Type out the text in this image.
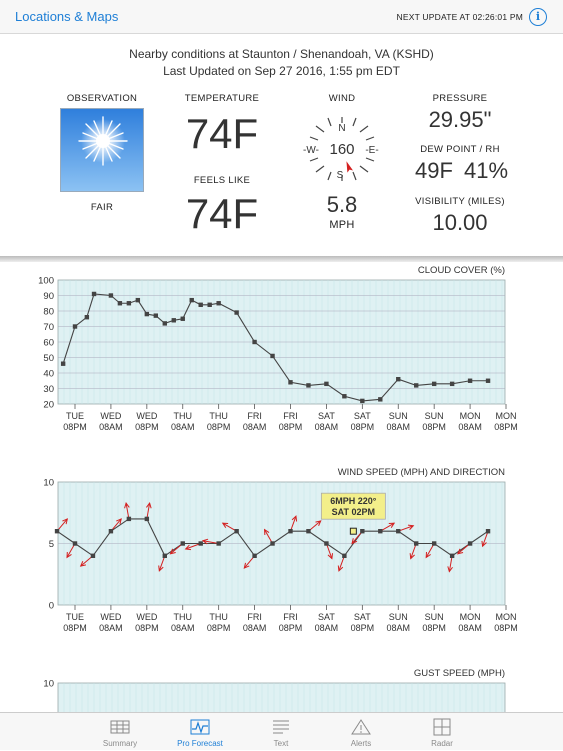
Locations & Maps	NEXT UPDATE AT 02:26:01 PM	i
Nearby conditions at Staunton / Shenandoah, VA (KSHD)
Last Updated on Sep 27 2016, 1:55 pm EDT
OBSERVATION
FAIR
TEMPERATURE
74F
FEELS LIKE
74F
WIND
N
S
-W-	-E-
160
5.8
MPH
PRESSURE
29.95"
DEW POINT / RH
49F 41%
VISIBILITY (MILES)
10.00
20
30
40
50
60
70
80
90
100
CLOUD COVER (%)
TUE
08PM
WED
08AM
WED
08PM
THU
08AM
THU
08PM
FRI
08AM
FRI
08PM
SAT
08AM
SAT
08PM
SUN
08AM
SUN
08PM
MON
08AM
MON
08PM
0
5
10
WIND SPEED (MPH) AND DIRECTION
TUE
08PM
WED
08AM
WED
08PM
THU
08AM
THU
08PM
FRI
08AM
FRI
08PM
SAT
08AM
SAT
08PM
SUN
08AM
SUN
08PM
MON
08AM
MON
08PM
6MPH 220°
SAT 02PM
10
GUST SPEED (MPH)
Summary	Pro Forecast	Text	Alerts	Radar
